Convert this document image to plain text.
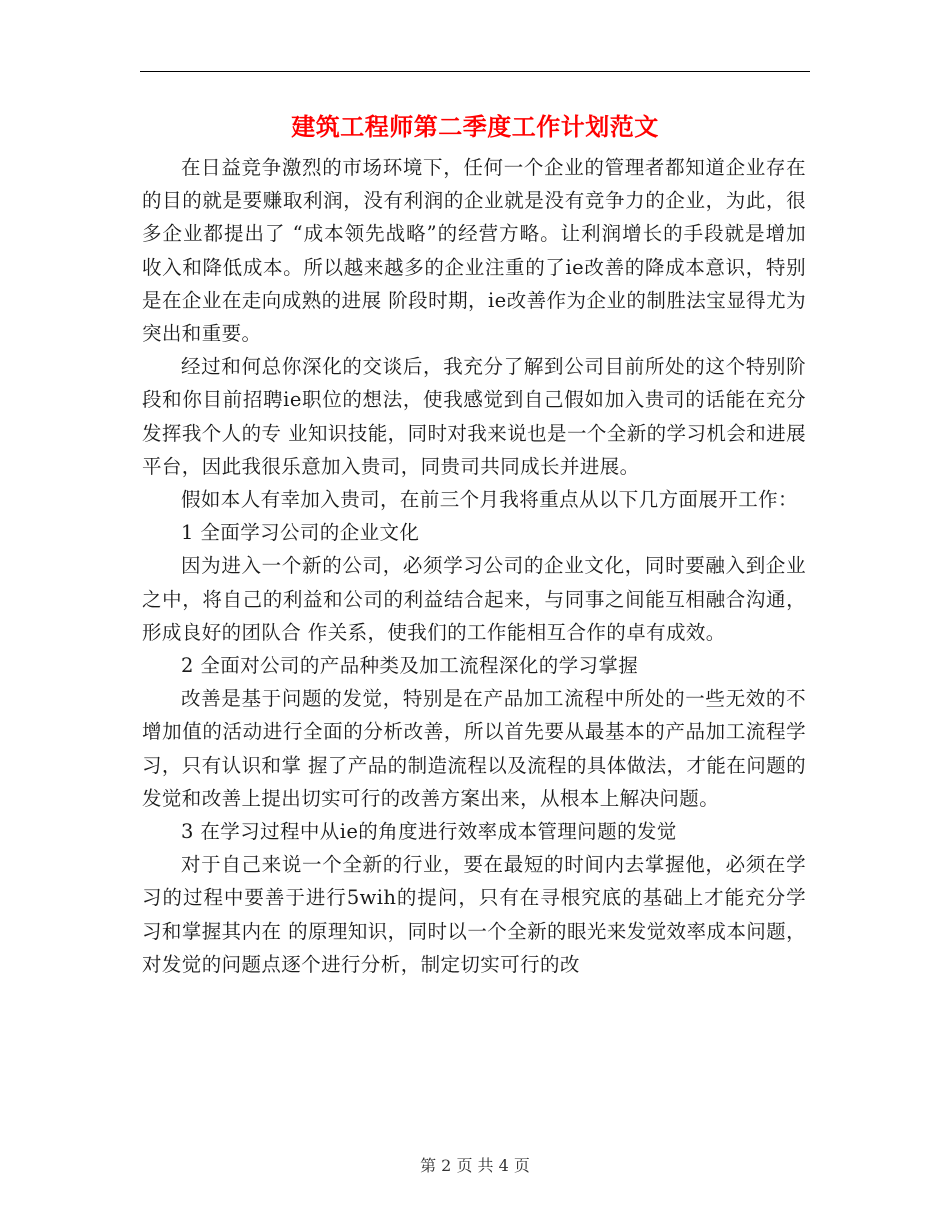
建筑工程师第二季度工作计划范文

在日益竞争激烈的市场环境下，任何一个企业的管理者都知道企业存在的目的就是要赚取利润，没有利润的企业就是没有竞争力的企业，为此，很多企业都提出了 “成本领先战略”的经营方略。让利润增长的手段就是增加收入和降低成本。所以越来越多的企业注重的了ie改善的降成本意识，特别是在企业在走向成熟的进展 阶段时期，ie改善作为企业的制胜法宝显得尤为突出和重要。

经过和何总你深化的交谈后，我充分了解到公司目前所处的这个特别阶段和你目前招聘ie职位的想法，使我感觉到自己假如加入贵司的话能在充分发挥我个人的专 业知识技能，同时对我来说也是一个全新的学习机会和进展平台，因此我很乐意加入贵司，同贵司共同成长并进展。

假如本人有幸加入贵司，在前三个月我将重点从以下几方面展开工作：

1 全面学习公司的企业文化

因为进入一个新的公司，必须学习公司的企业文化，同时要融入到企业之中，将自己的利益和公司的利益结合起来，与同事之间能互相融合沟通，形成良好的团队合 作关系，使我们的工作能相互合作的卓有成效。

2 全面对公司的产品种类及加工流程深化的学习掌握

改善是基于问题的发觉，特别是在产品加工流程中所处的一些无效的不增加值的活动进行全面的分析改善，所以首先要从最基本的产品加工流程学习，只有认识和掌 握了产品的制造流程以及流程的具体做法，才能在问题的发觉和改善上提出切实可行的改善方案出来，从根本上解决问题。

3 在学习过程中从ie的角度进行效率成本管理问题的发觉

对于自己来说一个全新的行业，要在最短的时间内去掌握他，必须在学习的过程中要善于进行5wih的提问，只有在寻根究底的基础上才能充分学习和掌握其内在 的原理知识，同时以一个全新的眼光来发觉效率成本问题，对发觉的问题点逐个进行分析，制定切实可行的改

第 2 页 共 4 页
